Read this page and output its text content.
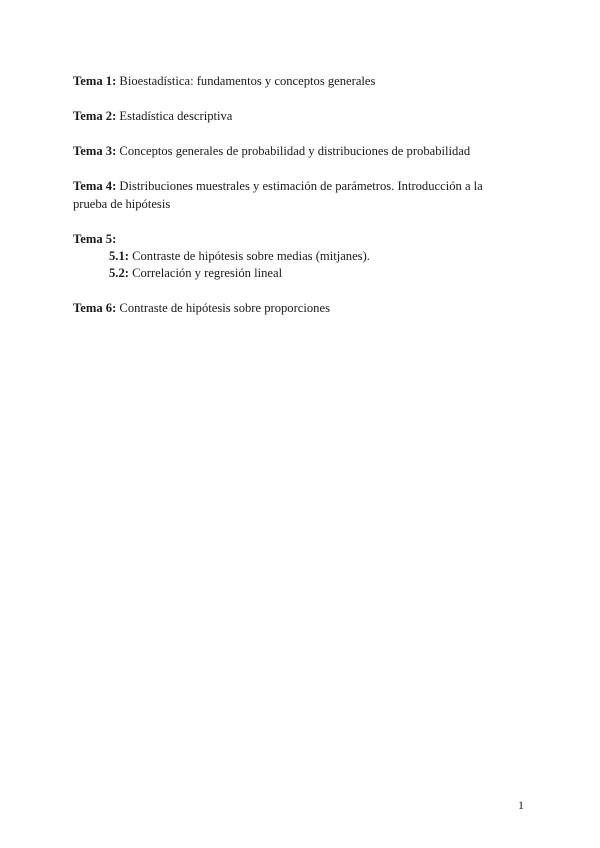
Tema 1: Bioestadística: fundamentos y conceptos generales

Tema 2: Estadística descriptiva

Tema 3: Conceptos generales de probabilidad y distribuciones de probabilidad

Tema 4: Distribuciones muestrales y estimación de parámetros. Introducción a la prueba de hipótesis

Tema 5:

5.1: Contraste de hipótesis sobre medias (mitjanes).

5.2: Correlación y regresión lineal

Tema 6: Contraste de hipótesis sobre proporciones

1
